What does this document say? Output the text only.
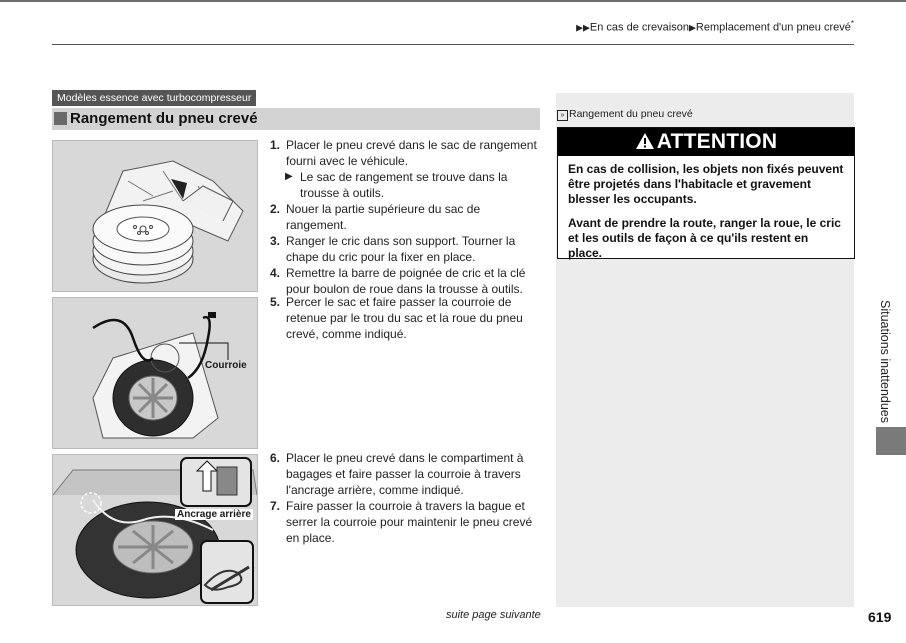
▶▶En cas de crevaison▶Remplacement d'un pneu crevé*
Modèles essence avec turbocompresseur
Rangement du pneu crevé
Courroie
Ancrage arrière
1. Placer le pneu crevé dans le sac de rangement fourni avec le véhicule.
▶ Le sac de rangement se trouve dans la trousse à outils.
2. Nouer la partie supérieure du sac de rangement.
3. Ranger le cric dans son support. Tourner la chape du cric pour la fixer en place.
4. Remettre la barre de poignée de cric et la clé pour boulon de roue dans la trousse à outils.
5. Percer le sac et faire passer la courroie de retenue par le trou du sac et la roue du pneu crevé, comme indiqué.
6. Placer le pneu crevé dans le compartiment à bagages et faire passer la courroie à travers l'ancrage arrière, comme indiqué.
7. Faire passer la courroie à travers la bague et serrer la courroie pour maintenir le pneu crevé en place.
suite page suivante
» Rangement du pneu crevé
ATTENTION

En cas de collision, les objets non fixés peuvent être projetés dans l'habitacle et gravement blesser les occupants.

Avant de prendre la route, ranger la roue, le cric et les outils de façon à ce qu'ils restent en place.

Situations inattendues
619
